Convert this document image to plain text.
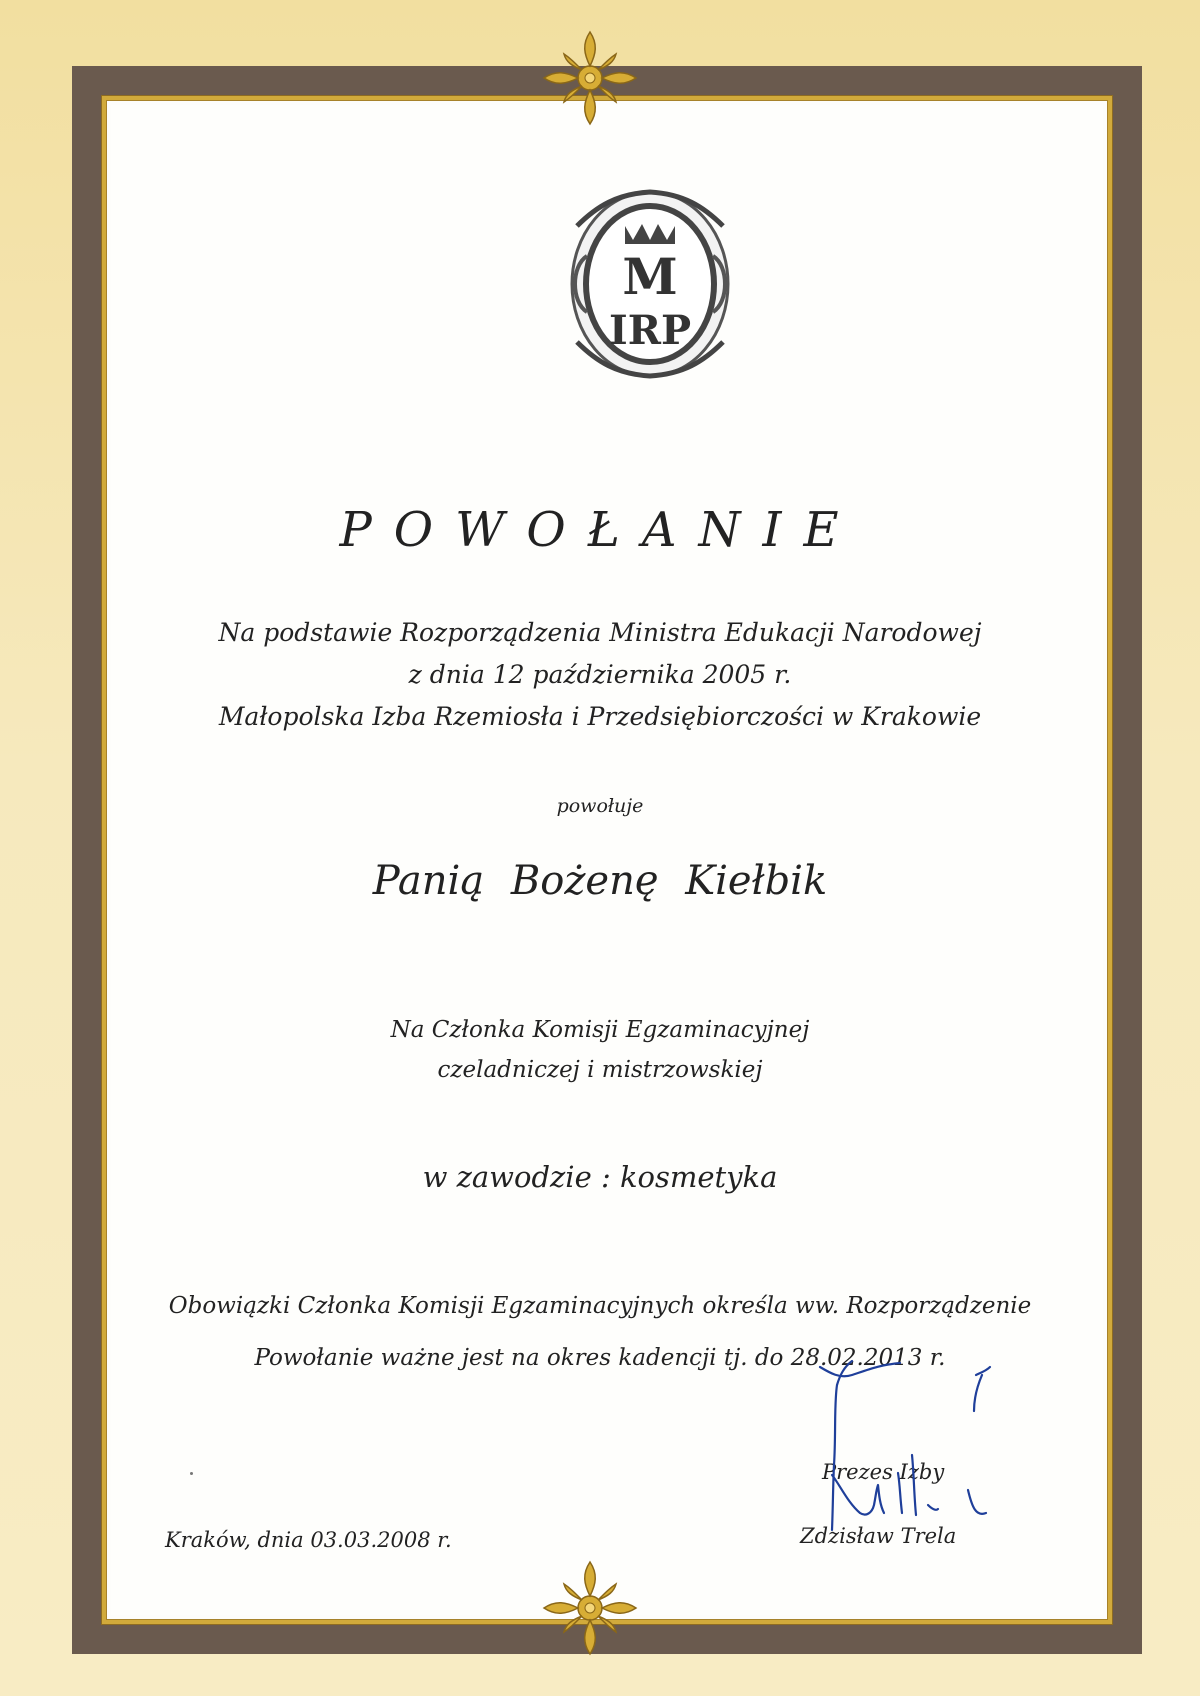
M
IRP
POWOŁANIE
Na podstawie Rozporządzenia Ministra Edukacji Narodowej
z dnia 12 października 2005 r.
Małopolska Izba Rzemiosła i Przedsiębiorczości w Krakowie
powołuje
Panią Bożenę Kiełbik
Na Członka Komisji Egzaminacyjnej
czeladniczej i mistrzowskiej
w zawodzie : kosmetyka
Obowiązki Członka Komisji Egzaminacyjnych określa ww. Rozporządzenie
Powołanie ważne jest na okres kadencji tj. do 28.02.2013 r.
Prezes Izby
Zdzisław Trela
Kraków, dnia 03.03.2008 r.
